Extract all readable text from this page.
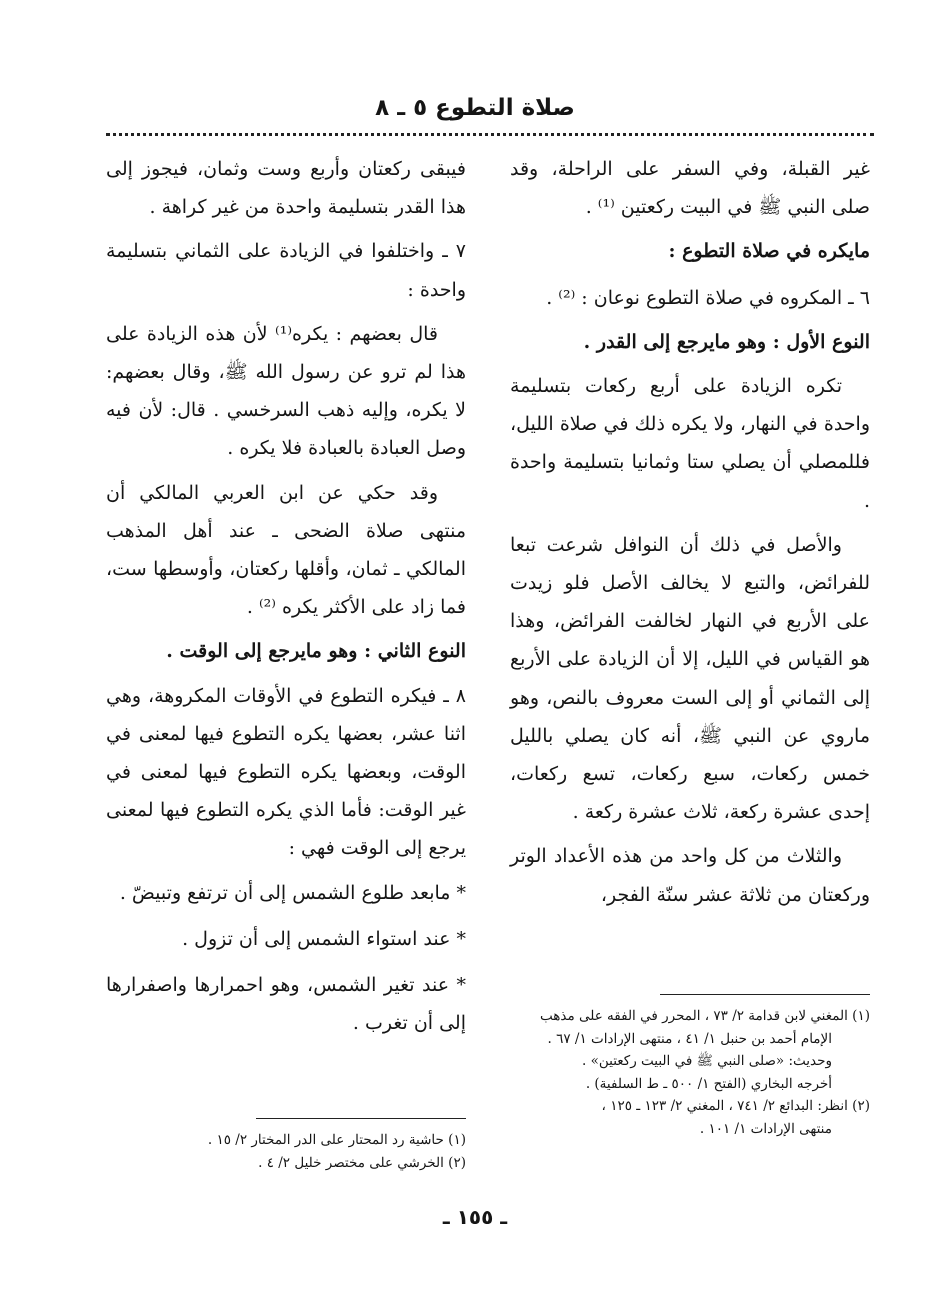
صلاة التطوع ٥ ـ ٨

غير القبلة، وفي السفر على الراحلة، وقد صلى النبي ﷺ في البيت ركعتين ⁽¹⁾ .

مايكره في صلاة التطوع :

٦ ـ المكروه في صلاة التطوع نوعان : ⁽²⁾ .

النوع الأول : وهو مايرجع إلى القدر .

تكره الزيادة على أربع ركعات بتسليمة واحدة في النهار، ولا يكره ذلك في صلاة الليل، فللمصلي أن يصلي ستا وثمانيا بتسليمة واحدة .

والأصل في ذلك أن النوافل شرعت تبعا للفرائض، والتبع لا يخالف الأصل فلو زيدت على الأربع في النهار لخالفت الفرائض، وهذا هو القياس في الليل، إلا أن الزيادة على الأربع إلى الثماني أو إلى الست معروف بالنص، وهو ماروي عن النبي ﷺ، أنه كان يصلي بالليل خمس ركعات، سبع ركعات، تسع ركعات، إحدى عشرة ركعة، ثلاث عشرة ركعة .

والثلاث من كل واحد من هذه الأعداد الوتر وركعتان من ثلاثة عشر سنّة الفجر،

فيبقى ركعتان وأربع وست وثمان، فيجوز إلى هذا القدر بتسليمة واحدة من غير كراهة .

٧ ـ واختلفوا في الزيادة على الثماني بتسليمة واحدة :

قال بعضهم : يكره⁽¹⁾ لأن هذه الزيادة على هذا لم ترو عن رسول الله ﷺ، وقال بعضهم: لا يكره، وإليه ذهب السرخسي . قال: لأن فيه وصل العبادة بالعبادة فلا يكره .

وقد حكي عن ابن العربي المالكي أن منتهى صلاة الضحى ـ عند أهل المذهب المالكي ـ ثمان، وأقلها ركعتان، وأوسطها ست، فما زاد على الأكثر يكره ⁽²⁾ .

النوع الثاني : وهو مايرجع إلى الوقت .

٨ ـ فيكره التطوع في الأوقات المكروهة، وهي اثنا عشر، بعضها يكره التطوع فيها لمعنى في الوقت، وبعضها يكره التطوع فيها لمعنى في غير الوقت: فأما الذي يكره التطوع فيها لمعنى يرجع إلى الوقت فهي :

* مابعد طلوع الشمس إلى أن ترتفع وتبيضّ .

* عند استواء الشمس إلى أن تزول .

* عند تغير الشمس، وهو احمرارها واصفرارها إلى أن تغرب .	(١) المغني لابن قدامة ٢/ ٧٣ ، المحرر في الفقه على مذهب

الإمام أحمد بن حنبل ١/ ٤١ ، منتهى الإرادات ١/ ٦٧ .

وحديث: «صلى النبي ﷺ في البيت ركعتين» .

أخرجه البخاري (الفتح ١/ ٥٠٠ ـ ط السلفية) .

(٢) انظر: البدائع ٢/ ٧٤١ ، المغني ٢/ ١٢٣ ـ ١٢٥ ،

منتهى الإرادات ١/ ١٠١ .

(١) حاشية رد المحتار على الدر المختار ٢/ ١٥ .

(٢) الخرشي على مختصر خليل ٢/ ٤ .

ـ ١٥٥ ـ
